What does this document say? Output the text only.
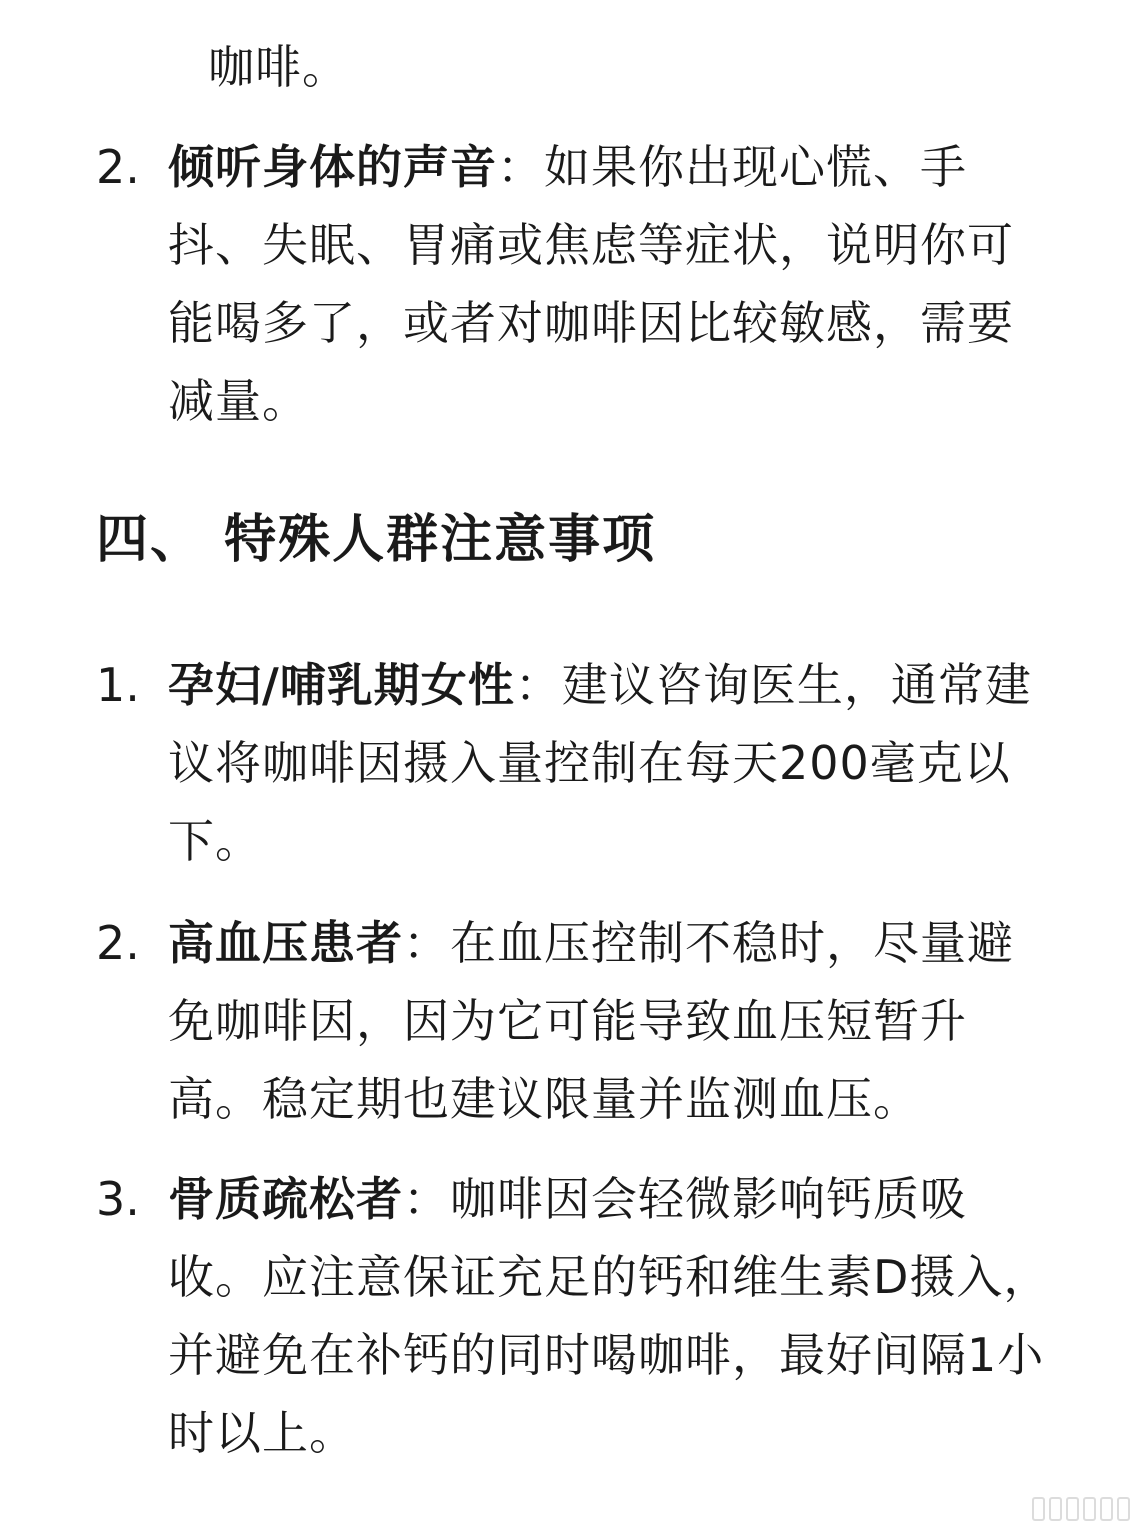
咖啡。
2. 倾听身体的声音：如果你出现心慌、手抖、失眠、胃痛或焦虑等症状，说明你可能喝多了，或者对咖啡因比较敏感，需要减量。
四、 特殊人群注意事项
1. 孕妇/哺乳期女性：建议咨询医生，通常建议将咖啡因摄入量控制在每天200毫克以下。
2. 高血压患者：在血压控制不稳时，尽量避免咖啡因，因为它可能导致血压短暂升高。稳定期也建议限量并监测血压。
3. 骨质疏松者：咖啡因会轻微影响钙质吸收。应注意保证充足的钙和维生素D摄入，并避免在补钙的同时喝咖啡，最好间隔1小时以上。
